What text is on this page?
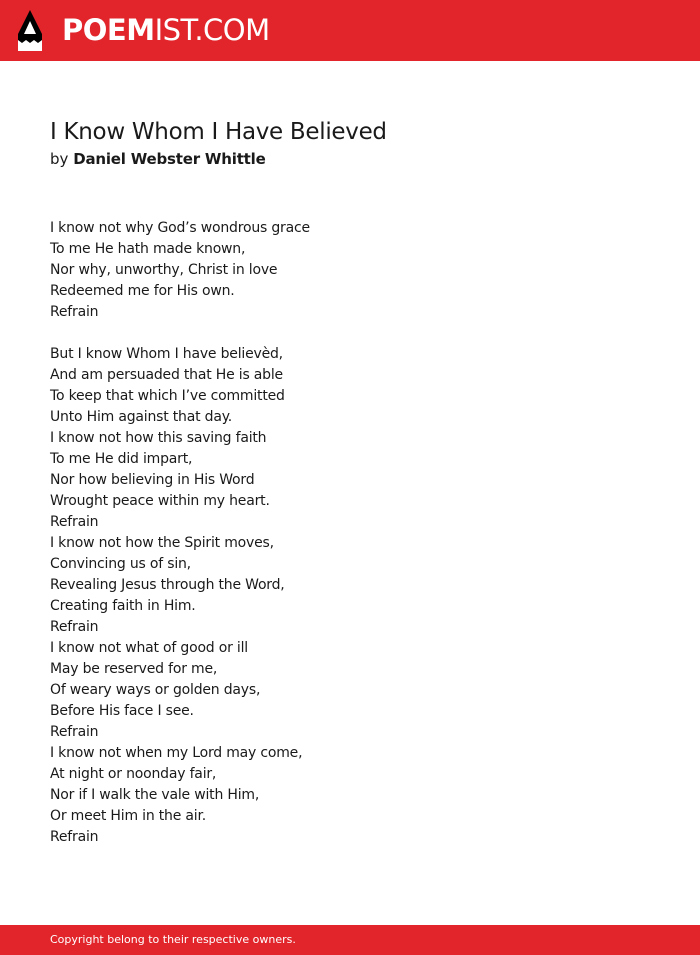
POEMIST.COM
I Know Whom I Have Believed
by Daniel Webster Whittle
I know not why God’s wondrous grace
To me He hath made known,
Nor why, unworthy, Christ in love
Redeemed me for His own.
Refrain
But I know Whom I have believèd,
And am persuaded that He is able
To keep that which I’ve committed
Unto Him against that day.
I know not how this saving faith
To me He did impart,
Nor how believing in His Word
Wrought peace within my heart.
Refrain
I know not how the Spirit moves,
Convincing us of sin,
Revealing Jesus through the Word,
Creating faith in Him.
Refrain
I know not what of good or ill
May be reserved for me,
Of weary ways or golden days,
Before His face I see.
Refrain
I know not when my Lord may come,
At night or noonday fair,
Nor if I walk the vale with Him,
Or meet Him in the air.
Refrain
Copyright belong to their respective owners.
